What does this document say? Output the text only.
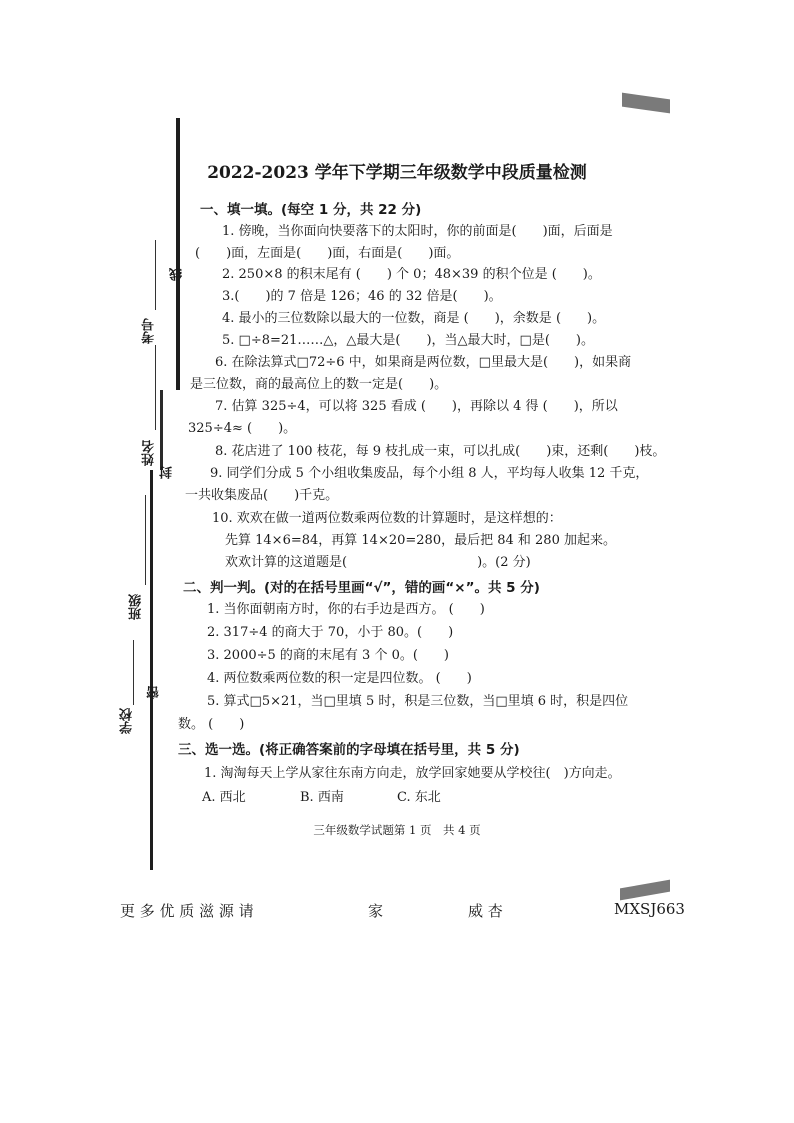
考号
姓名
班级
学校
线
封
密
2022-2023 学年下学期三年级数学中段质量检测
一、填一填。(每空 1 分，共 22 分)
1. 傍晚，当你面向快要落下的太阳时，你的前面是(　　)面，后面是
(　　)面，左面是(　　)面，右面是(　　)面。
2. 250×8 的积末尾有 (　　) 个 0；48×39 的积个位是 (　　)。
3.(　　)的 7 倍是 126；46 的 32 倍是(　　)。
4. 最小的三位数除以最大的一位数，商是 (　　)，余数是 (　　)。
5. □÷8=21……△，△最大是(　　)，当△最大时，□是(　　)。
6. 在除法算式□72÷6 中，如果商是两位数，□里最大是(　　)，如果商
是三位数，商的最高位上的数一定是(　　)。
7. 估算 325÷4，可以将 325 看成 (　　)，再除以 4 得 (　　)，所以
325÷4≈ (　　)。
8. 花店进了 100 枝花，每 9 枝扎成一束，可以扎成(　　)束，还剩(　　)枝。
9. 同学们分成 5 个小组收集废品，每个小组 8 人，平均每人收集 12 千克，
一共收集废品(　　)千克。
10. 欢欢在做一道两位数乘两位数的计算题时，是这样想的：
先算 14×6=84，再算 14×20=280，最后把 84 和 280 加起来。
欢欢计算的这道题是(　　　　　　　　　　)。(2 分)
二、判一判。(对的在括号里画“√”，错的画“×”。共 5 分)
1. 当你面朝南方时，你的右手边是西方。 (　　)
2. 317÷4 的商大于 70，小于 80。(　　)
3. 2000÷5 的商的末尾有 3 个 0。(　　)
4. 两位数乘两位数的积一定是四位数。 (　　)
5. 算式□5×21，当□里填 5 时，积是三位数，当□里填 6 时，积是四位
数。 (　　)
三、选一选。(将正确答案前的字母填在括号里，共 5 分)
1. 淘淘每天上学从家往东南方向走，放学回家她要从学校往(　)方向走。
A. 西北	B. 西南	C. 东北
三年级数学试题第 1 页　共 4 页
更 多 优 质 滋 源 请	家	威 杏	MXSJ663
